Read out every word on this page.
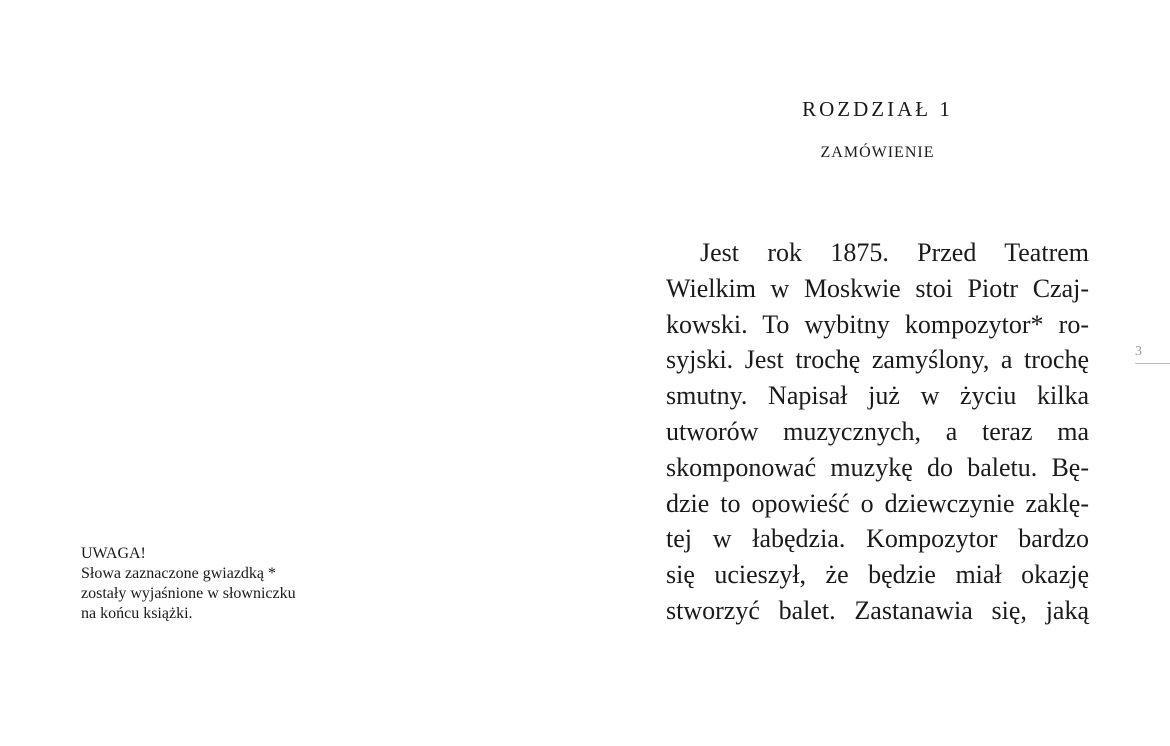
UWAGA!
Słowa zaznaczone gwiazdką *
zostały wyjaśnione w słowniczku
na końcu książki.
ROZDZIAŁ 1
ZAMÓWIENIE
Jest rok 1875. Przed Teatrem
Wielkim w Moskwie stoi Piotr Czaj-
kowski. To wybitny kompozytor* ro-
syjski. Jest trochę zamyślony, a trochę
smutny. Napisał już w życiu kilka
utworów muzycznych, a teraz ma
skomponować muzykę do baletu. Bę-
dzie to opowieść o dziewczynie zaklę-
tej w łabędzia. Kompozytor bardzo
się ucieszył, że będzie miał okazję
stworzyć balet. Zastanawia się, jaką
3
